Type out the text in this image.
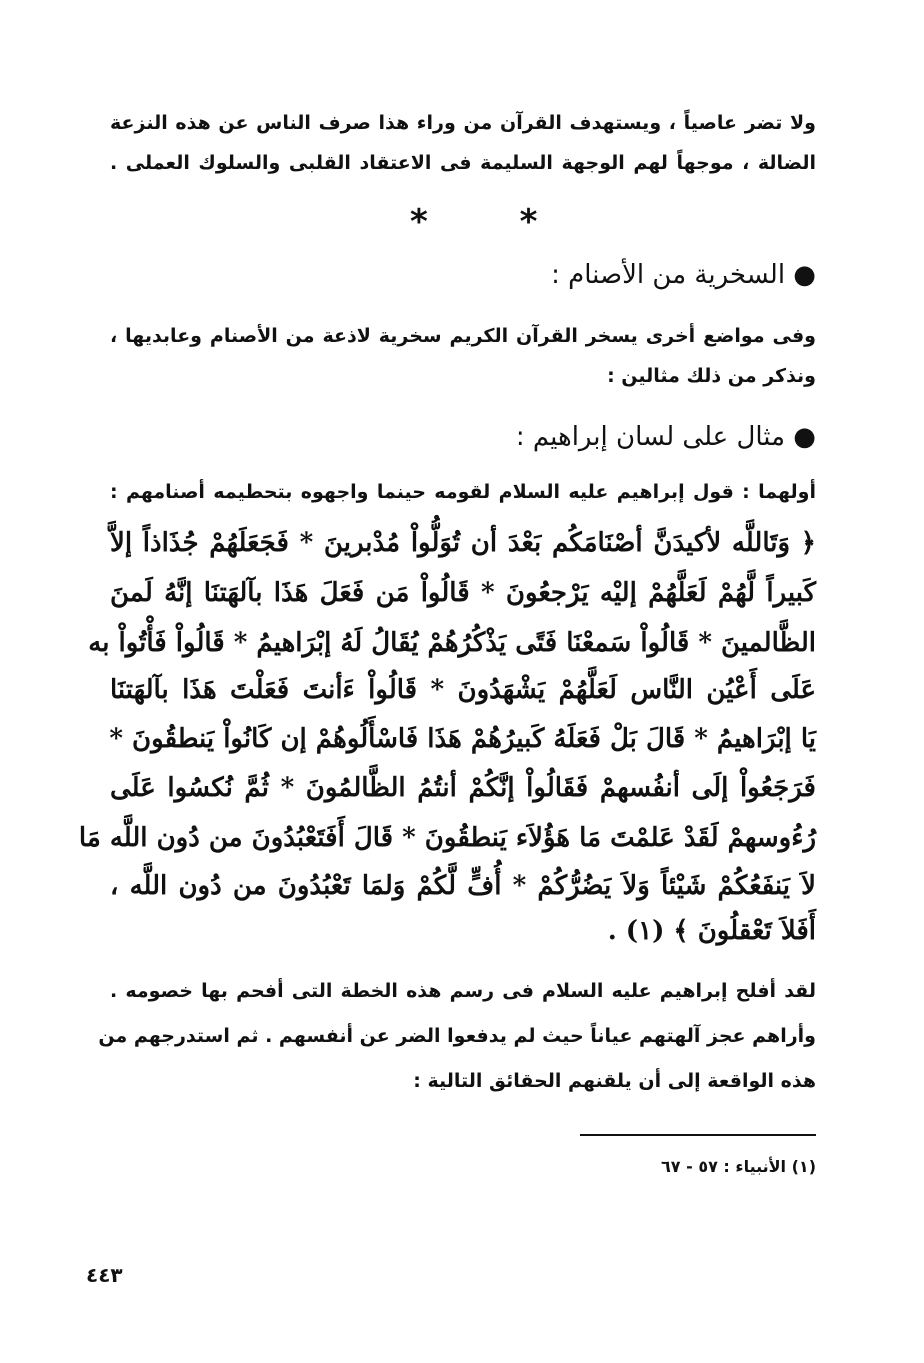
ولا تضر عاصياً ، ويستهدف القرآن من وراء هذا صرف الناس عن هذه النزعة
الضالة ، موجهاً لهم الوجهة السليمة فى الاعتقاد القلبى والسلوك العملى .
* *
● السخرية من الأصنام :
وفى مواضع أخرى يسخر القرآن الكريم سخرية لاذعة من الأصنام وعابديها ،
ونذكر من ذلك مثالين :
● مثال على لسان إبراهيم :
أولهما : قول إبراهيم عليه السلام لقومه حينما واجهوه بتحطيمه أصنامهم :
﴿ وَتَاللَّه لأكيدَنَّ أصْنَامَكُم بَعْدَ أن تُوَلُّواْ مُدْبرينَ * فَجَعَلَهُمْ جُذَاذاً إلاَّ
كَبيراً لَّهُمْ لَعَلَّهُمْ إليْه يَرْجعُونَ * قَالُواْ مَن فَعَلَ هَذَا بآلهَتنَا إنَّهُ لَمنَ
الظَّالمينَ * قَالُواْ سَمعْنَا فَتًى يَذْكُرُهُمْ يُقَالُ لَهُ إبْرَاهيمُ * قَالُواْ فَأْتُواْ به
عَلَى أَعْيُن النَّاس لَعَلَّهُمْ يَشْهَدُونَ * قَالُواْ ءَأنتَ فَعَلْتَ هَذَا بآلهَتنَا
يَا إبْرَاهيمُ * قَالَ بَلْ فَعَلَهُ كَبيرُهُمْ هَذَا فَاسْأَلُوهُمْ إن كَانُواْ يَنطقُونَ *
فَرَجَعُواْ إلَى أنفُسهمْ فَقَالُواْ إنَّكُمْ أنتُمُ الظَّالمُونَ * ثُمَّ نُكسُوا عَلَى
رُءُوسهمْ لَقَدْ عَلمْتَ مَا هَؤُلاَء يَنطقُونَ * قَالَ أَفَتَعْبُدُونَ من دُون اللَّه مَا
لاَ يَنفَعُكُمْ شَيْئاً وَلاَ يَضُرُّكُمْ * أُفٍّ لَّكُمْ وَلمَا تَعْبُدُونَ من دُون اللَّه ،
أَفَلاَ تَعْقلُونَ ﴾ (١) .
لقد أفلح إبراهيم عليه السلام فى رسم هذه الخطة التى أفحم بها خصومه .
وأراهم عجز آلهتهم عياناً حيث لم يدفعوا الضر عن أنفسهم . ثم استدرجهم من
هذه الواقعة إلى أن يلقنهم الحقائق التالية :
(١) الأنبياء : ٥٧ - ٦٧
٤٤٣
